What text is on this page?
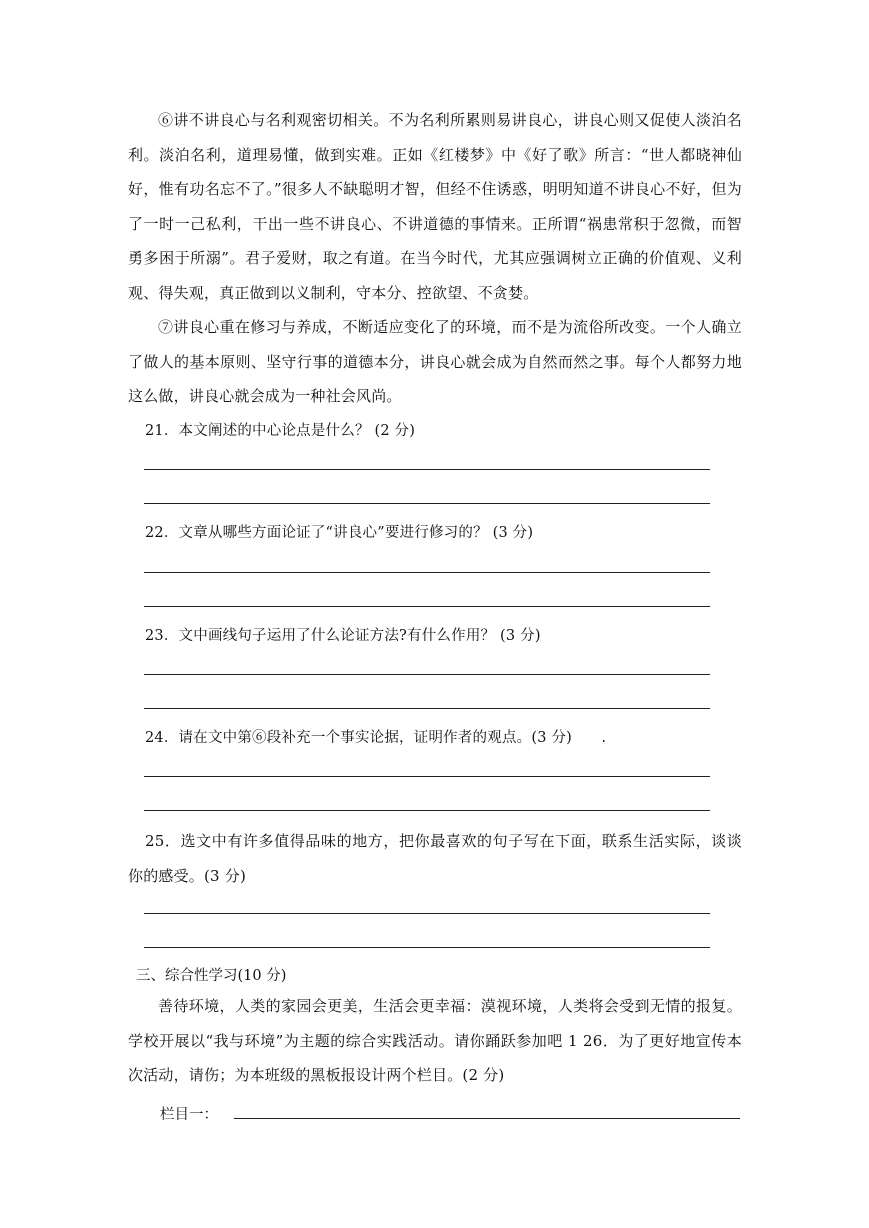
⑥讲不讲良心与名利观密切相关。不为名利所累则易讲良心，讲良心则又促使人淡泊名利。淡泊名利，道理易懂，做到实难。正如《红楼梦》中《好了歌》所言：“世人都晓神仙好，惟有功名忘不了。”很多人不缺聪明才智，但经不住诱惑，明明知道不讲良心不好，但为了一时一己私利，干出一些不讲良心、不讲道德的事情来。正所谓“祸患常积于忽微，而智勇多困于所溺”。君子爱财，取之有道。在当今时代，尤其应强调树立正确的价值观、义利观、得失观，真正做到以义制利，守本分、控欲望、不贪婪。

⑦讲良心重在修习与养成，不断适应变化了的环境，而不是为流俗所改变。一个人确立了做人的基本原则、坚守行事的道德本分，讲良心就会成为自然而然之事。每个人都努力地这么做，讲良心就会成为一种社会风尚。

21．本文阐述的中心论点是什么？ (2 分)

22．文章从哪些方面论证了“讲良心”要进行修习的？ (3 分)

23．文中画线句子运用了什么论证方法?有什么作用？ (3 分)

24．请在文中第⑥段补充一个事实论据，证明作者的观点。(3 分)　　.

25．选文中有许多值得品味的地方，把你最喜欢的句子写在下面，联系生活实际，谈谈你的感受。(3 分)

三、综合性学习(10 分)

善待环境，人类的家园会更美，生活会更幸福：漠视环境，人类将会受到无情的报复。学校开展以“我与环境”为主题的综合实践活动。请你踊跃参加吧 1 26．为了更好地宣传本次活动，请伤；为本班级的黑板报设计两个栏目。(2 分)

栏目一：
